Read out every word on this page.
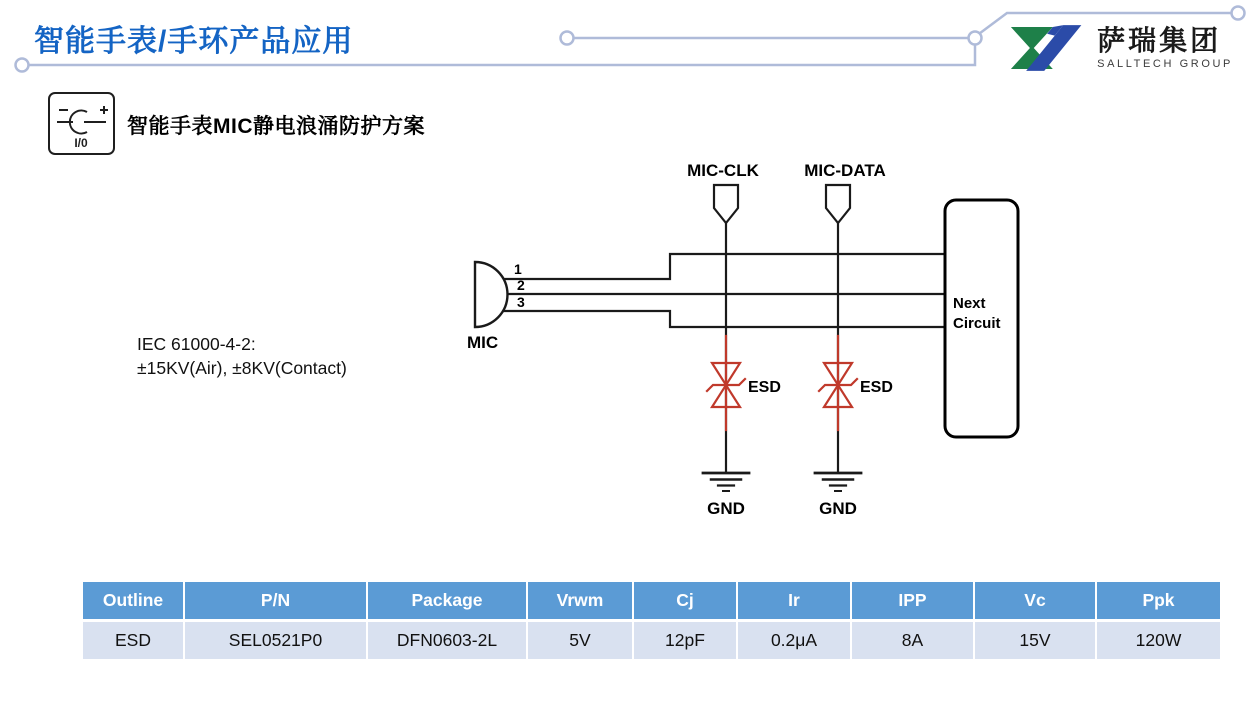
智能手表/手环产品应用	萨瑞集团
SALLTECH GROUP
I/0
智能手表MIC静电浪涌防护方案
IEC 61000-4-2:
±15KV(Air), ±8KV(Contact)
MIC-CLK	MIC-DATA
1
2
3
MIC
ESD	ESD
GND	GND
Next
Circuit
Outline	P/N	Package	Vrwm	Cj	Ir	IPP	Vc	Ppk
ESD	SEL0521P0	DFN0603-2L	5V	12pF	0.2μA	8A	15V	120W
